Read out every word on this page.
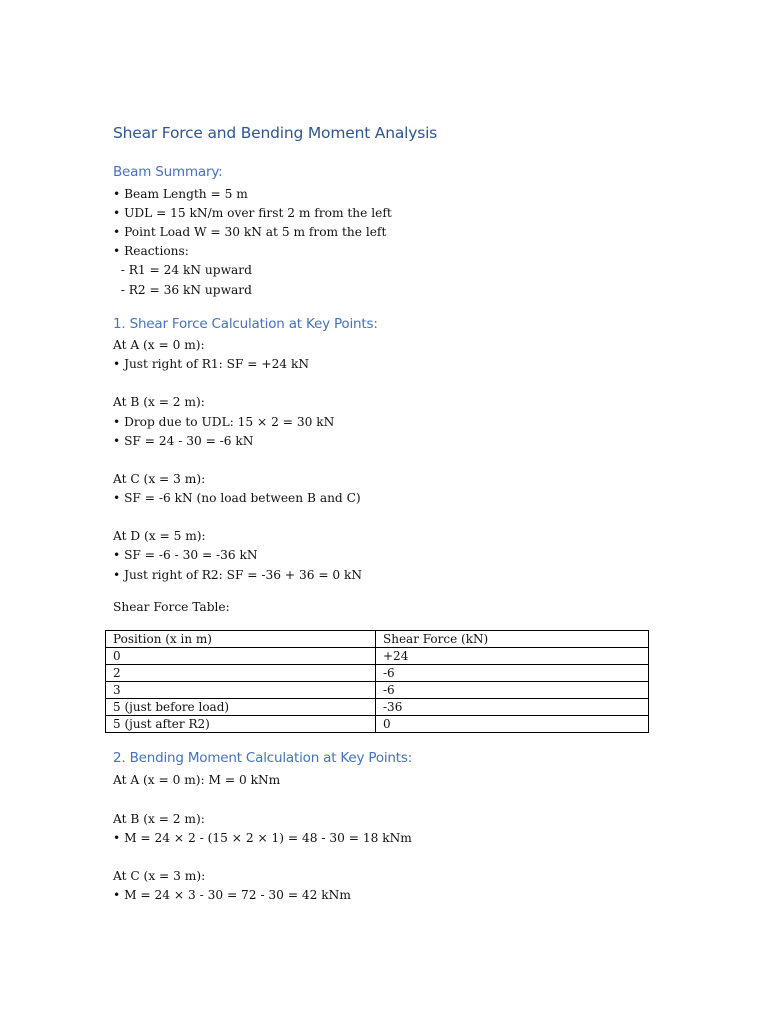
Shear Force and Bending Moment Analysis
Beam Summary:

• Beam Length = 5 m

• UDL = 15 kN/m over first 2 m from the left

• Point Load W = 30 kN at 5 m from the left

• Reactions:

- R1 = 24 kN upward

- R2 = 36 kN upward

1. Shear Force Calculation at Key Points:

At A (x = 0 m):

• Just right of R1: SF = +24 kN

At B (x = 2 m):

• Drop due to UDL: 15 × 2 = 30 kN

• SF = 24 - 30 = -6 kN

At C (x = 3 m):

• SF = -6 kN (no load between B and C)

At D (x = 5 m):

• SF = -6 - 30 = -36 kN

• Just right of R2: SF = -36 + 36 = 0 kN

Shear Force Table:

Position (x in m)	Shear Force (kN)
0	+24
2	-6
3	-6
5 (just before load)	-36
5 (just after R2)	0
2. Bending Moment Calculation at Key Points:

At A (x = 0 m): M = 0 kNm

At B (x = 2 m):

• M = 24 × 2 - (15 × 2 × 1) = 48 - 30 = 18 kNm

At C (x = 3 m):

• M = 24 × 3 - 30 = 72 - 30 = 42 kNm
